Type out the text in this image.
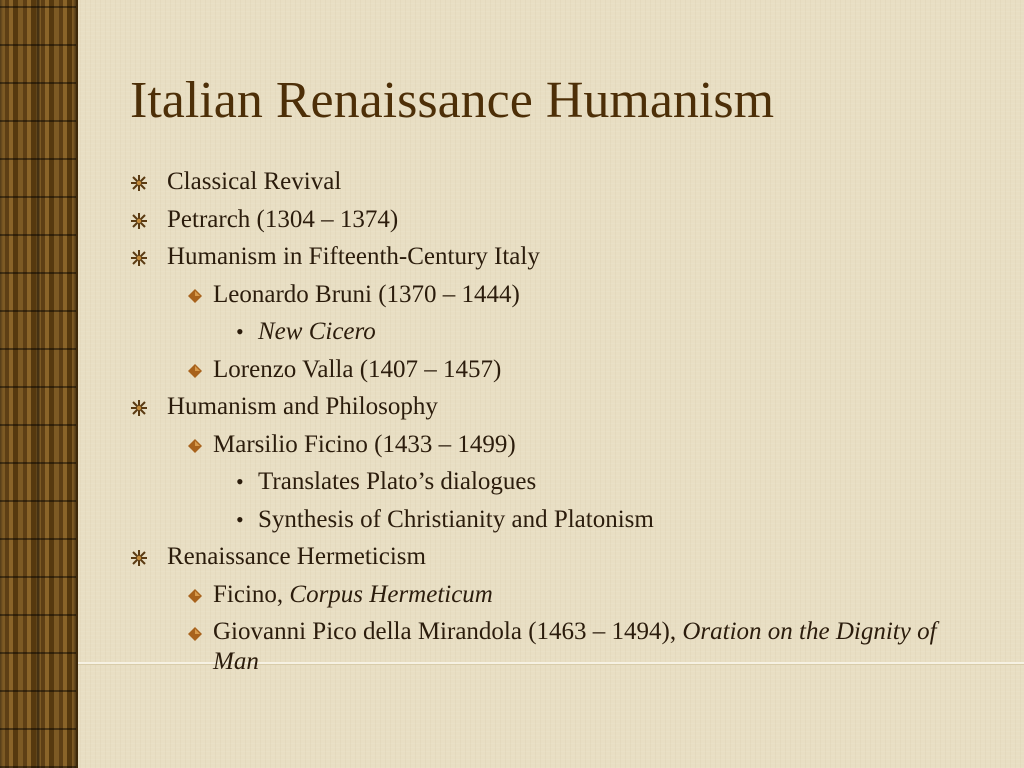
Italian Renaissance Humanism
Classical Revival
Petrarch (1304 – 1374)
Humanism in Fifteenth-Century Italy
Leonardo Bruni (1370 – 1444)
• New Cicero
Lorenzo Valla (1407 – 1457)
Humanism and Philosophy
Marsilio Ficino (1433 – 1499)
• Translates Plato’s dialogues
• Synthesis of Christianity and Platonism
Renaissance Hermeticism
Ficino, Corpus Hermeticum
Giovanni Pico della Mirandola (1463 – 1494), Oration on the Dignity of Man
